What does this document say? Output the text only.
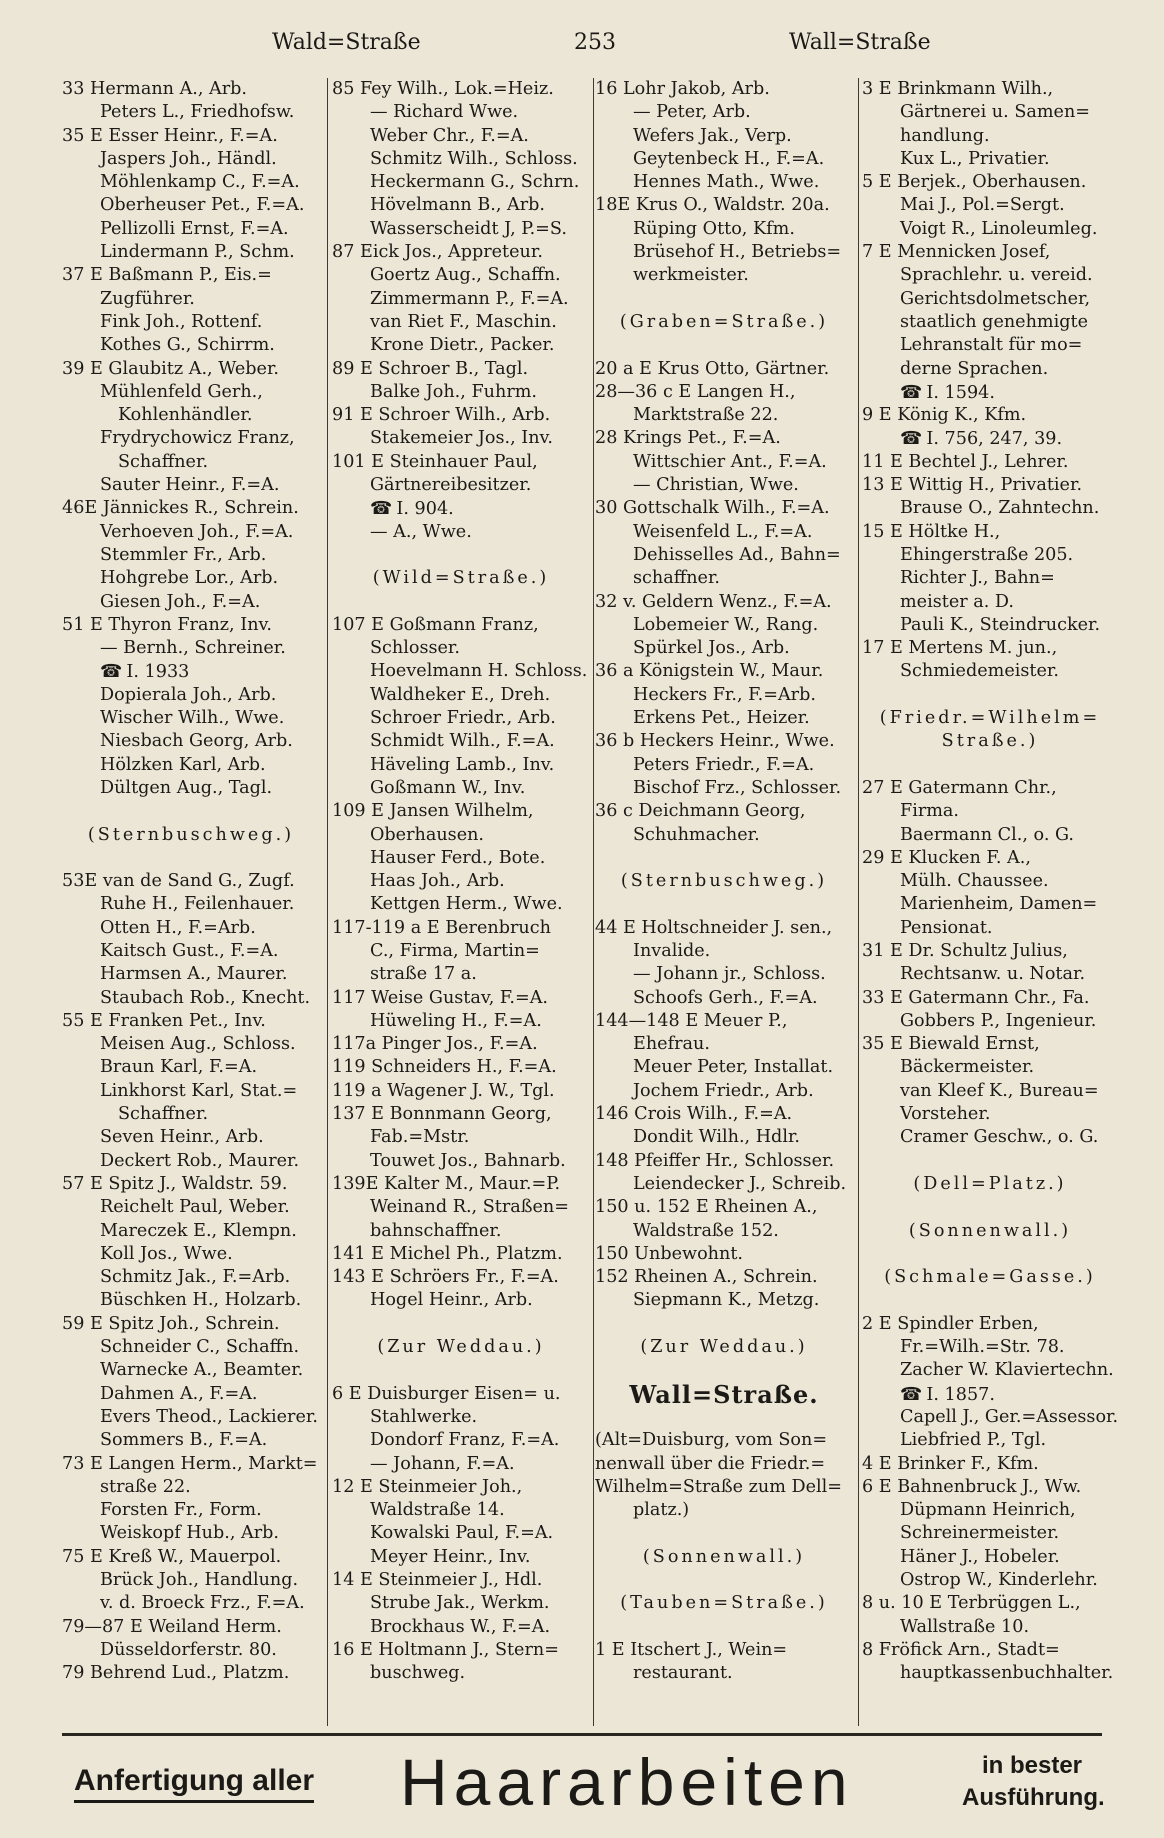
Wald=Straße	253	Wall=Straße
33 Hermann A., Arb.
Peters L., Friedhofsw.
35 E Esser Heinr., F.=A.
Jaspers Joh., Händl.
Möhlenkamp C., F.=A.
Oberheuser Pet., F.=A.
Pellizolli Ernst, F.=A.
Lindermann P., Schm.
37 E Baßmann P., Eis.=
Zugführer.
Fink Joh., Rottenf.
Kothes G., Schirrm.
39 E Glaubitz A., Weber.
Mühlenfeld Gerh.,
Kohlenhändler.
Frydrychowicz Franz,
Schaffner.
Sauter Heinr., F.=A.
46E Jännickes R., Schrein.
Verhoeven Joh., F.=A.
Stemmler Fr., Arb.
Hohgrebe Lor., Arb.
Giesen Joh., F.=A.
51 E Thyron Franz, Inv.
— Bernh., Schreiner.
☎ I. 1933
Dopierala Joh., Arb.
Wischer Wilh., Wwe.
Niesbach Georg, Arb.
Hölzken Karl, Arb.
Dültgen Aug., Tagl.
(Sternbuschweg.)
53E van de Sand G., Zugf.
Ruhe H., Feilenhauer.
Otten H., F.=Arb.
Kaitsch Gust., F.=A.
Harmsen A., Maurer.
Staubach Rob., Knecht.
55 E Franken Pet., Inv.
Meisen Aug., Schloss.
Braun Karl, F.=A.
Linkhorst Karl, Stat.=
Schaffner.
Seven Heinr., Arb.
Deckert Rob., Maurer.
57 E Spitz J., Waldstr. 59.
Reichelt Paul, Weber.
Mareczek E., Klempn.
Koll Jos., Wwe.
Schmitz Jak., F.=Arb.
Büschken H., Holzarb.
59 E Spitz Joh., Schrein.
Schneider C., Schaffn.
Warnecke A., Beamter.
Dahmen A., F.=A.
Evers Theod., Lackierer.
Sommers B., F.=A.
73 E Langen Herm., Markt=
straße 22.
Forsten Fr., Form.
Weiskopf Hub., Arb.
75 E Kreß W., Mauerpol.
Brück Joh., Handlung.
v. d. Broeck Frz., F.=A.
79—87 E Weiland Herm.
Düsseldorferstr. 80.
79 Behrend Lud., Platzm.
85 Fey Wilh., Lok.=Heiz.
— Richard Wwe.
Weber Chr., F.=A.
Schmitz Wilh., Schloss.
Heckermann G., Schrn.
Hövelmann B., Arb.
Wasserscheidt J, P.=S.
87 Eick Jos., Appreteur.
Goertz Aug., Schaffn.
Zimmermann P., F.=A.
van Riet F., Maschin.
Krone Dietr., Packer.
89 E Schroer B., Tagl.
Balke Joh., Fuhrm.
91 E Schroer Wilh., Arb.
Stakemeier Jos., Inv.
101 E Steinhauer Paul,
Gärtnereibesitzer.
☎ I. 904.
— A., Wwe.
(Wild=Straße.)
107 E Goßmann Franz,
Schlosser.
Hoevelmann H. Schloss.
Waldheker E., Dreh.
Schroer Friedr., Arb.
Schmidt Wilh., F.=A.
Häveling Lamb., Inv.
Goßmann W., Inv.
109 E Jansen Wilhelm,
Oberhausen.
Hauser Ferd., Bote.
Haas Joh., Arb.
Kettgen Herm., Wwe.
117-119 a E Berenbruch
C., Firma, Martin=
straße 17 a.
117 Weise Gustav, F.=A.
Hüweling H., F.=A.
117a Pinger Jos., F.=A.
119 Schneiders H., F.=A.
119 a Wagener J. W., Tgl.
137 E Bonnmann Georg,
Fab.=Mstr.
Touwet Jos., Bahnarb.
139E Kalter M., Maur.=P.
Weinand R., Straßen=
bahnschaffner.
141 E Michel Ph., Platzm.
143 E Schröers Fr., F.=A.
Hogel Heinr., Arb.
(Zur Weddau.)
6 E Duisburger Eisen= u.
Stahlwerke.
Dondorf Franz, F.=A.
— Johann, F.=A.
12 E Steinmeier Joh.,
Waldstraße 14.
Kowalski Paul, F.=A.
Meyer Heinr., Inv.
14 E Steinmeier J., Hdl.
Strube Jak., Werkm.
Brockhaus W., F.=A.
16 E Holtmann J., Stern=
buschweg.
16 Lohr Jakob, Arb.
— Peter, Arb.
Wefers Jak., Verp.
Geytenbeck H., F.=A.
Hennes Math., Wwe.
18E Krus O., Waldstr. 20a.
Rüping Otto, Kfm.
Brüsehof H., Betriebs=
werkmeister.
(Graben=Straße.)
20 a E Krus Otto, Gärtner.
28—36 c E Langen H.,
Marktstraße 22.
28 Krings Pet., F.=A.
Wittschier Ant., F.=A.
— Christian, Wwe.
30 Gottschalk Wilh., F.=A.
Weisenfeld L., F.=A.
Dehisselles Ad., Bahn=
schaffner.
32 v. Geldern Wenz., F.=A.
Lobemeier W., Rang.
Spürkel Jos., Arb.
36 a Königstein W., Maur.
Heckers Fr., F.=Arb.
Erkens Pet., Heizer.
36 b Heckers Heinr., Wwe.
Peters Friedr., F.=A.
Bischof Frz., Schlosser.
36 c Deichmann Georg,
Schuhmacher.
(Sternbuschweg.)
44 E Holtschneider J. sen.,
Invalide.
— Johann jr., Schloss.
Schoofs Gerh., F.=A.
144—148 E Meuer P.,
Ehefrau.
Meuer Peter, Installat.
Jochem Friedr., Arb.
146 Crois Wilh., F.=A.
Dondit Wilh., Hdlr.
148 Pfeiffer Hr., Schlosser.
Leiendecker J., Schreib.
150 u. 152 E Rheinen A.,
Waldstraße 152.
150 Unbewohnt.
152 Rheinen A., Schrein.
Siepmann K., Metzg.
(Zur Weddau.)
Wall=Straße.
(Alt=Duisburg, vom Son=
nenwall über die Friedr.=
Wilhelm=Straße zum Dell=
platz.)
(Sonnenwall.)
(Tauben=Straße.)
1 E Itschert J., Wein=
restaurant.
3 E Brinkmann Wilh.,
Gärtnerei u. Samen=
handlung.
Kux L., Privatier.
5 E Berjek., Oberhausen.
Mai J., Pol.=Sergt.
Voigt R., Linoleumleg.
7 E Mennicken Josef,
Sprachlehr. u. vereid.
Gerichtsdolmetscher,
staatlich genehmigte
Lehranstalt für mo=
derne Sprachen.
☎ I. 1594.
9 E König K., Kfm.
☎ I. 756, 247, 39.
11 E Bechtel J., Lehrer.
13 E Wittig H., Privatier.
Brause O., Zahntechn.
15 E Höltke H.,
Ehingerstraße 205.
Richter J., Bahn=
meister a. D.
Pauli K., Steindrucker.
17 E Mertens M. jun.,
Schmiedemeister.
(Friedr.=Wilhelm=
Straße.)
27 E Gatermann Chr.,
Firma.
Baermann Cl., o. G.
29 E Klucken F. A.,
Mülh. Chaussee.
Marienheim, Damen=
Pensionat.
31 E Dr. Schultz Julius,
Rechtsanw. u. Notar.
33 E Gatermann Chr., Fa.
Gobbers P., Ingenieur.
35 E Biewald Ernst,
Bäckermeister.
van Kleef K., Bureau=
Vorsteher.
Cramer Geschw., o. G.
(Dell=Platz.)
(Sonnenwall.)
(Schmale=Gasse.)
2 E Spindler Erben,
Fr.=Wilh.=Str. 78.
Zacher W. Klaviertechn.
☎ I. 1857.
Capell J., Ger.=Assessor.
Liebfried P., Tgl.
4 E Brinker F., Kfm.
6 E Bahnenbruck J., Ww.
Düpmann Heinrich,
Schreinermeister.
Häner J., Hobeler.
Ostrop W., Kinderlehr.
8 u. 10 E Terbrüggen L.,
Wallstraße 10.
8 Fröfick Arn., Stadt=
hauptkassenbuchhalter.
Anfertigung aller Haararbeiten	in bester
Ausführung.
